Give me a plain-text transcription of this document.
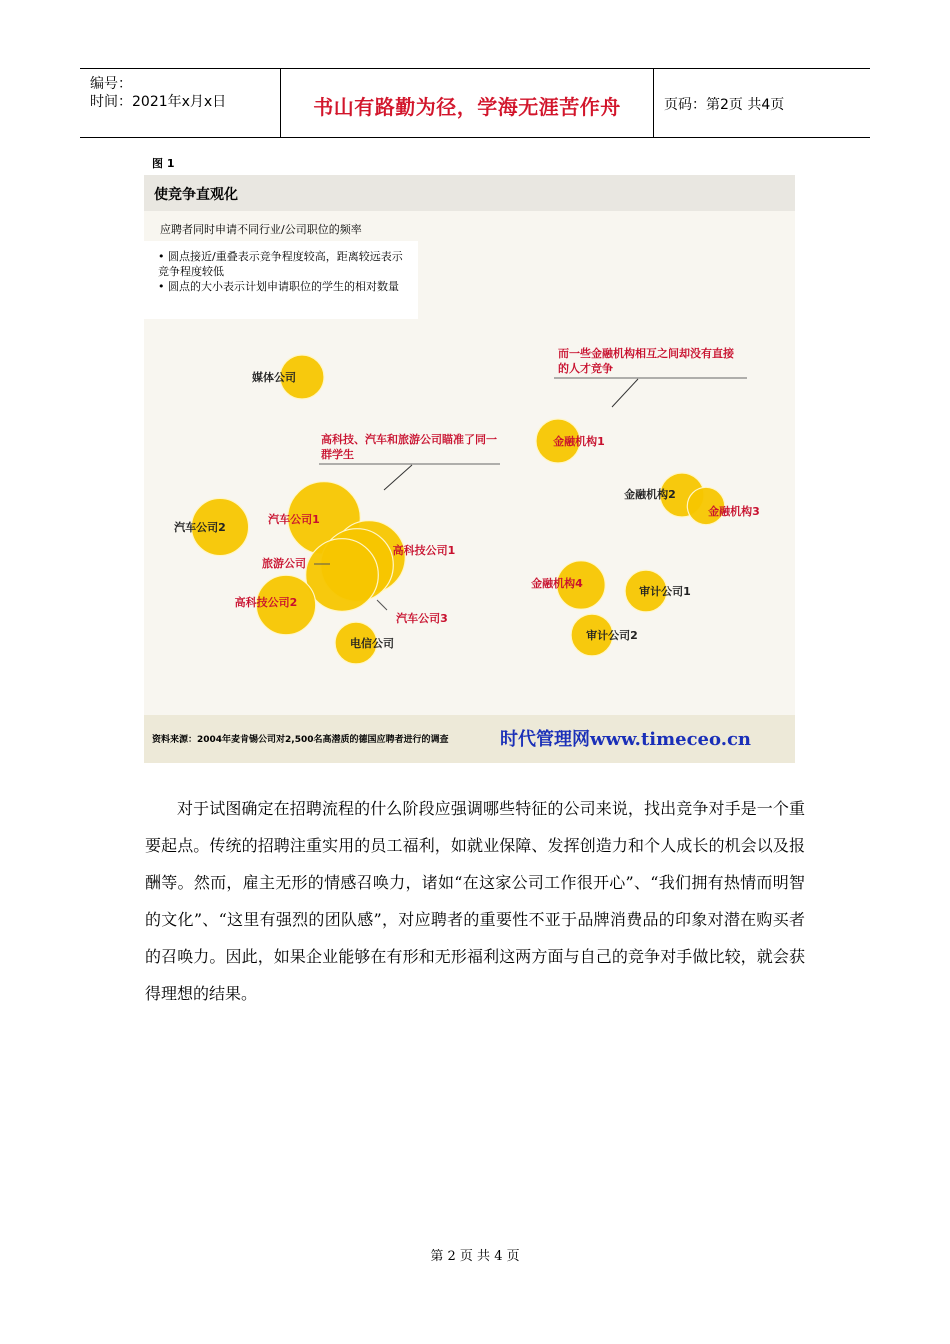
编号：
时间：2021年x月x日	书山有路勤为径，学海无涯苦作舟	页码：第2页 共4页
图 1
使竞争直观化
应聘者同时申请不同行业/公司职位的频率
• 圆点接近/重叠表示竞争程度较高，距离较远表示竞争程度较低
• 圆点的大小表示计划申请职位的学生的相对数量
媒体公司
金融机构1
金融机构2
金融机构3
汽车公司2
汽车公司1
高科技公司1
旅游公司
汽车公司3
高科技公司2
电信公司
金融机构4
审计公司1
审计公司2
高科技、汽车和旅游公司瞄准了同一
群学生
而一些金融机构相互之间却没有直接
的人才竞争
资料来源：2004年麦肯锡公司对2,500名高潜质的德国应聘者进行的调查	时代管理网www.timeceo.cn
对于试图确定在招聘流程的什么阶段应强调哪些特征的公司来说，找出竞争对手是一个重要起点。传统的招聘注重实用的员工福利，如就业保障、发挥创造力和个人成长的机会以及报酬等。然而，雇主无形的情感召唤力，诸如“在这家公司工作很开心”、“我们拥有热情而明智的文化”、“这里有强烈的团队感”，对应聘者的重要性不亚于品牌消费品的印象对潜在购买者的召唤力。因此，如果企业能够在有形和无形福利这两方面与自己的竞争对手做比较，就会获得理想的结果。
第 2 页 共 4 页
